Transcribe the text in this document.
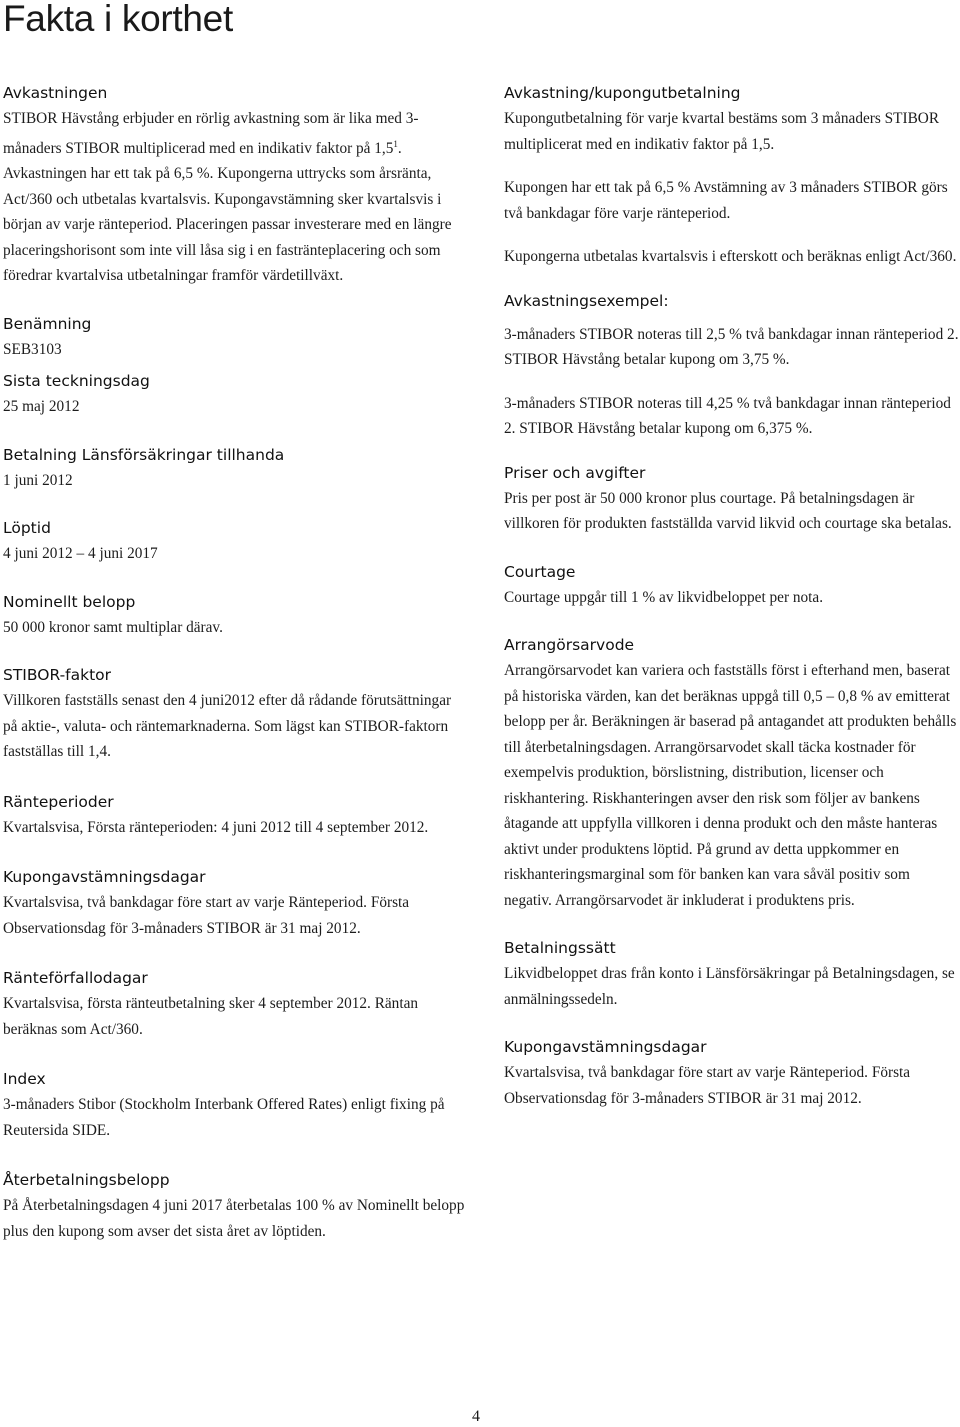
Fakta i korthet
Avkastningen

STIBOR Hävstång erbjuder en rörlig avkastning som är lika med 3-månaders STIBOR multiplicerad med en indikativ faktor på $1,5^1$. Avkastningen har ett tak på 6,5 %. Kupongerna uttrycks som årsränta, Act/360 och utbetalas kvartalsvis. Kupongavstämning sker kvartalsvis i början av varje ränteperiod. Placeringen passar investerare med en längre placeringshorisont som inte vill låsa sig i en fasträntеplacering och som föredrar kvartalvisa utbetalningar framför värdetillväxt.

Benämning

SEB3103

Sista teckningsdag

25 maj 2012

Betalning Länsförsäkringar tillhanda

1 juni 2012

Löptid

4 juni 2012 – 4 juni 2017

Nominellt belopp

50 000 kronor samt multiplar därav.

STIBOR-faktor

Villkoren fastställs senast den 4 juni2012 efter då rådande förutsättningar på aktie-, valuta- och räntemarknaderna. Som lägst kan STIBOR-faktorn fastställas till 1,4.

Ränteperioder

Kvartalsvisa, Första ränteperioden: 4 juni 2012 till 4 september 2012.

Kupongavstämningsdagar

Kvartalsvisa, två bankdagar före start av varje Ränteperiod. Första Observationsdag för 3-månaders STIBOR är 31 maj 2012.

Ränteförfallodagar

Kvartalsvisa, första ränteutbetalning sker 4 september 2012. Räntan beräknas som Act/360.

Index

3-månaders Stibor (Stockholm Interbank Offered Rates) enligt fixing på Reutersida SIDE.

Återbetalningsbelopp

På Återbetalningsdagen 4 juni 2017 återbetalas 100 % av Nominellt belopp plus den kupong som avser det sista året av löptiden.

Avkastning/kupongutbetalning

Kupongutbetalning för varje kvartal bestäms som 3 månaders STIBOR multiplicerat med en indikativ faktor på 1,5.

Kupongen har ett tak på 6,5 % Avstämning av 3 månaders STIBOR görs två bankdagar före varje ränteperiod.

Kupongerna utbetalas kvartalsvis i efterskott och beräknas enligt Act/360.

Avkastningsexempel:

3-månaders STIBOR noteras till 2,5 % två bankdagar innan ränteperiod 2. STIBOR Hävstång betalar kupong om 3,75 %.

3-månaders STIBOR noteras till 4,25 % två bankdagar innan ränteperiod 2. STIBOR Hävstång betalar kupong om 6,375 %.

Priser och avgifter

Pris per post är 50 000 kronor plus courtage. På betalningsdagen är villkoren för produkten fastställda varvid likvid och courtage ska betalas.

Courtage

Courtage uppgår till 1 % av likvidbeloppet per nota.

Arrangörsarvode

Arrangörsarvodet kan variera och fastställs först i efterhand men, baserat på historiska värden, kan det beräknas uppgå till 0,5 – 0,8 % av emitterat belopp per år. Beräkningen är baserad på antagandet att produkten behålls till återbetalningsdagen. Arrangörsarvodet skall täcka kostnader för exempelvis produktion, börslistning, distribution, licenser och riskhantering. Riskhanteringen avser den risk som följer av bankens åtagande att uppfylla villkoren i denna produkt och den måste hanteras aktivt under produktens löptid. På grund av detta uppkommer en riskhanteringsmarginal som för banken kan vara såväl positiv som negativ. Arrangörsarvodet är inkluderat i produktens pris.

Betalningssätt

Likvidbeloppet dras från konto i Länsförsäkringar på Betalningsdagen, se anmälningssedeln.

Kupongavstämningsdagar

Kvartalsvisa, två bankdagar före start av varje Ränteperiod. Första Observationsdag för 3-månaders STIBOR är 31 maj 2012.

4
